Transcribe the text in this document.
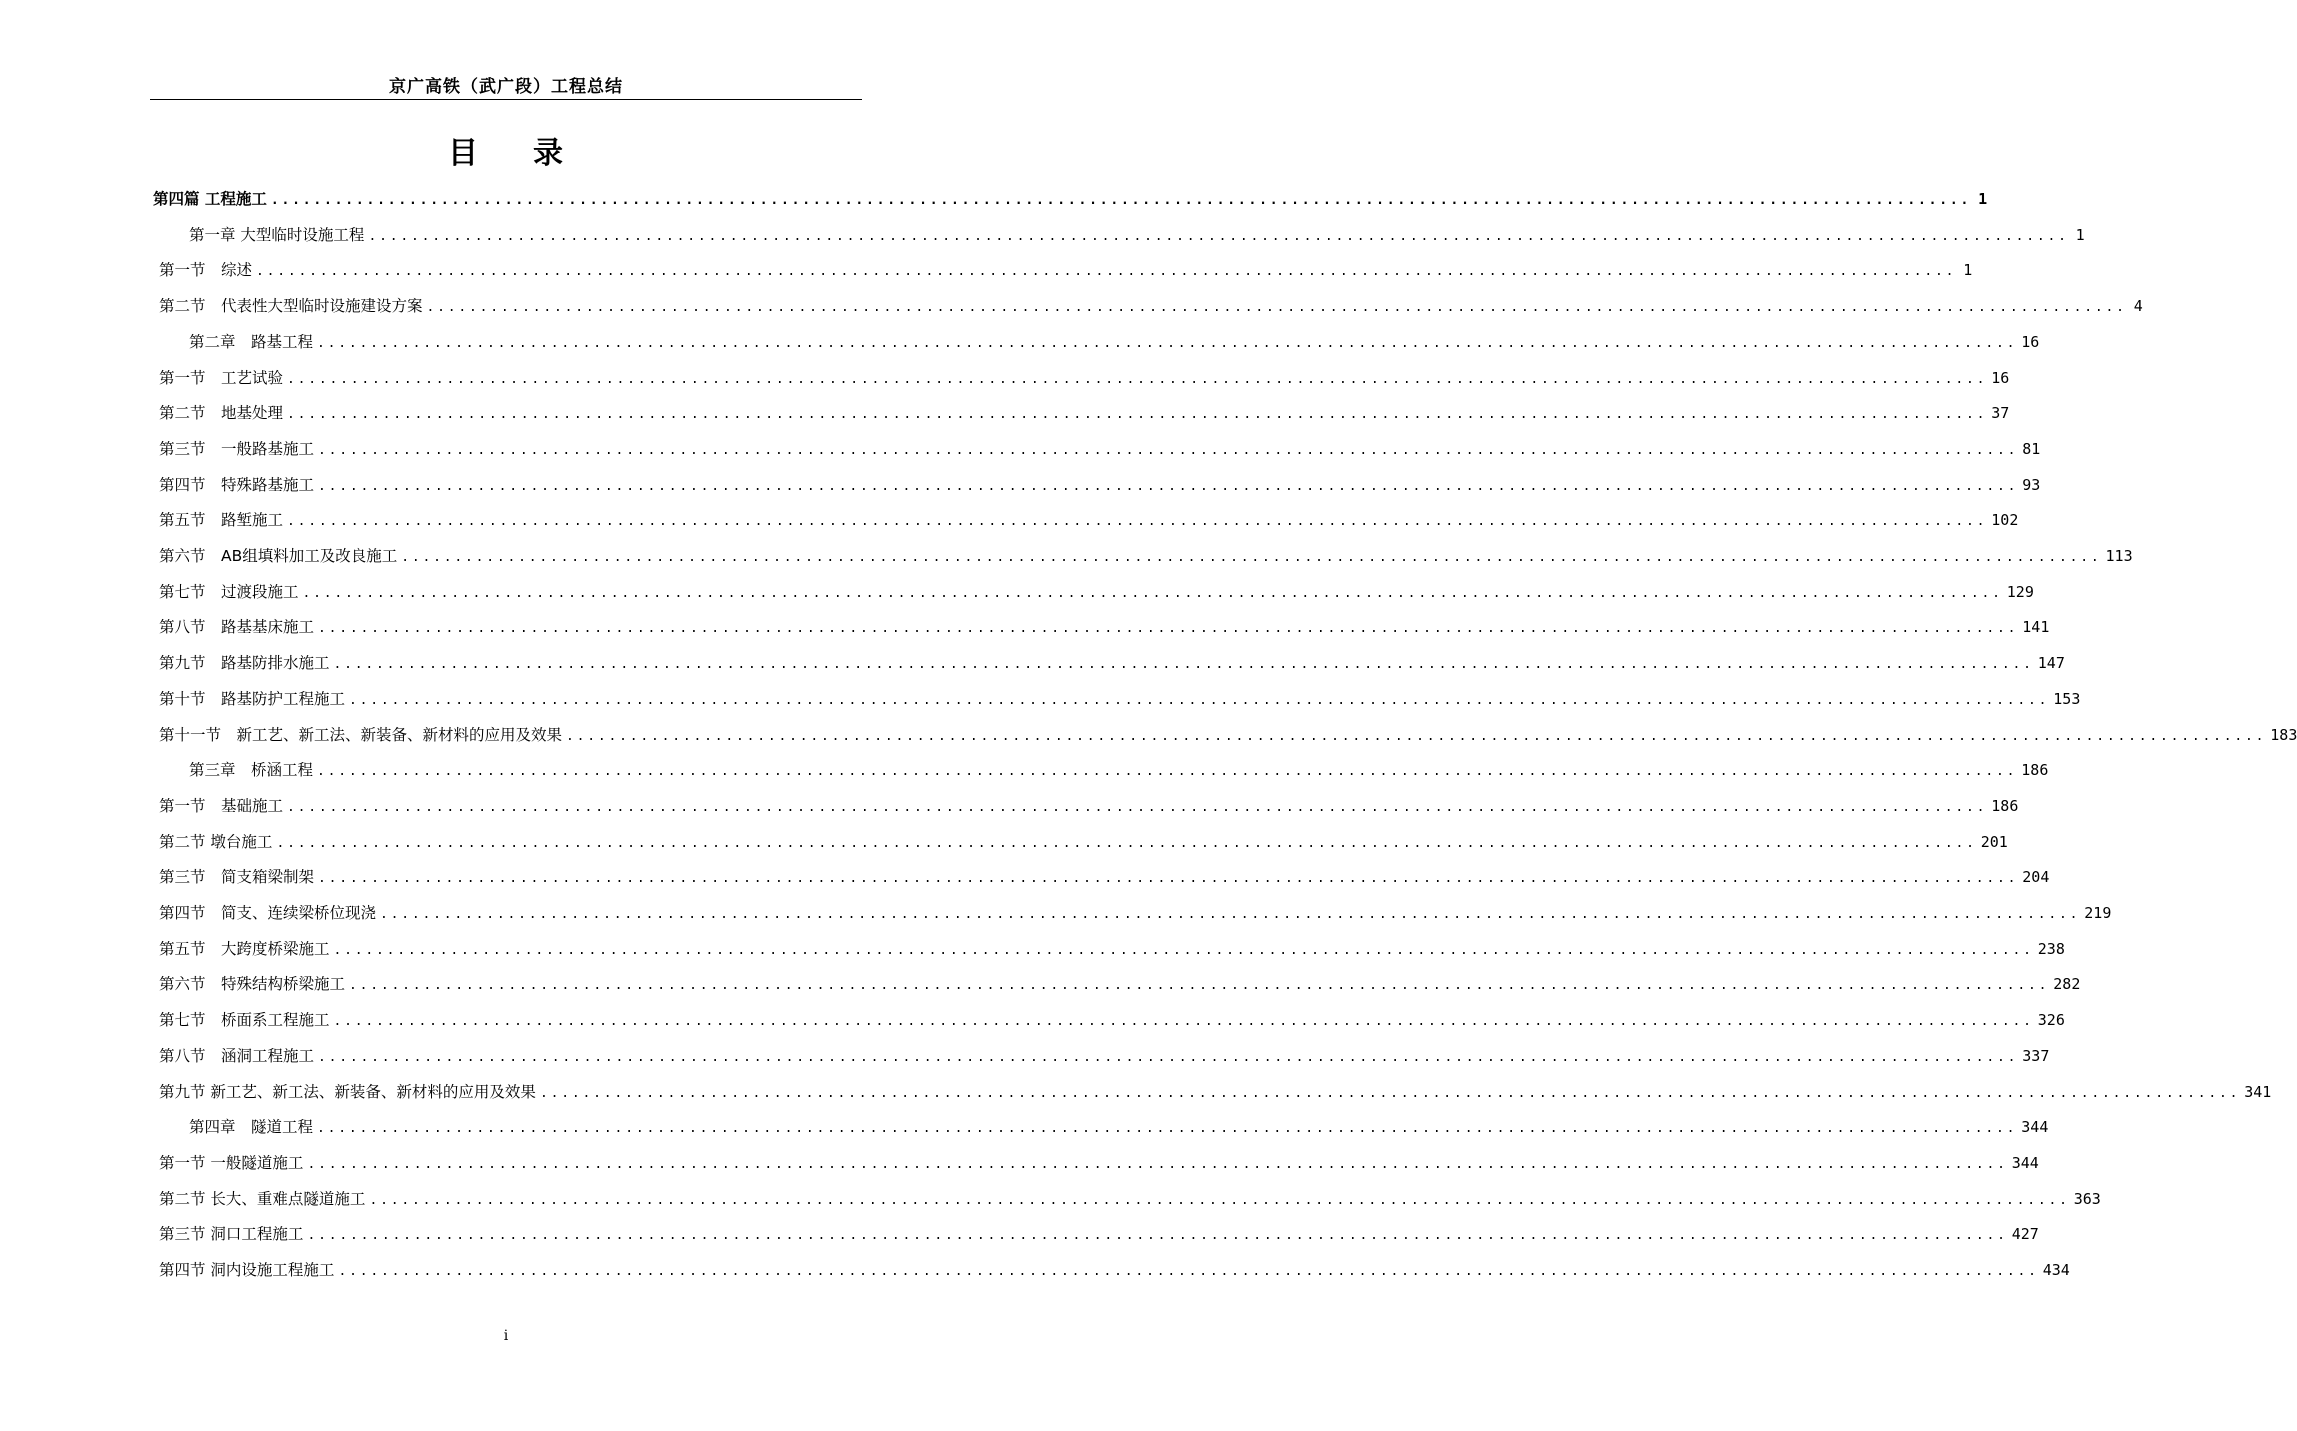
京广高铁（武广段）工程总结
目 录
第四篇 工程施工 ................................................................................................................................................................ 1
第一章 大型临时设施工程 ................................................................................................................................................................ 1
第一节　综述 ................................................................................................................................................................ 1
第二节　代表性大型临时设施建设方案 ................................................................................................................................................................ 4
第二章　路基工程 ................................................................................................................................................................ 16
第一节　工艺试验 ................................................................................................................................................................ 16
第二节　地基处理 ................................................................................................................................................................ 37
第三节　一般路基施工 ................................................................................................................................................................ 81
第四节　特殊路基施工 ................................................................................................................................................................ 93
第五节　路堑施工 ................................................................................................................................................................ 102
第六节　AB组填料加工及改良施工 ................................................................................................................................................................ 113
第七节　过渡段施工 ................................................................................................................................................................ 129
第八节　路基基床施工 ................................................................................................................................................................ 141
第九节　路基防排水施工 ................................................................................................................................................................ 147
第十节　路基防护工程施工 ................................................................................................................................................................ 153
第十一节　新工艺、新工法、新装备、新材料的应用及效果 ................................................................................................................................................................ 183
第三章　桥涵工程 ................................................................................................................................................................ 186
第一节　基础施工 ................................................................................................................................................................ 186
第二节 墩台施工 ................................................................................................................................................................ 201
第三节　简支箱梁制架 ................................................................................................................................................................ 204
第四节　简支、连续梁桥位现浇 ................................................................................................................................................................ 219
第五节　大跨度桥梁施工 ................................................................................................................................................................ 238
第六节　特殊结构桥梁施工 ................................................................................................................................................................ 282
第七节　桥面系工程施工 ................................................................................................................................................................ 326
第八节　涵洞工程施工 ................................................................................................................................................................ 337
第九节 新工艺、新工法、新装备、新材料的应用及效果 ................................................................................................................................................................ 341
第四章　隧道工程 ................................................................................................................................................................ 344
第一节 一般隧道施工 ................................................................................................................................................................ 344
第二节 长大、重难点隧道施工 ................................................................................................................................................................ 363
第三节 洞口工程施工 ................................................................................................................................................................ 427
第四节 洞内设施工程施工 ................................................................................................................................................................ 434
i
